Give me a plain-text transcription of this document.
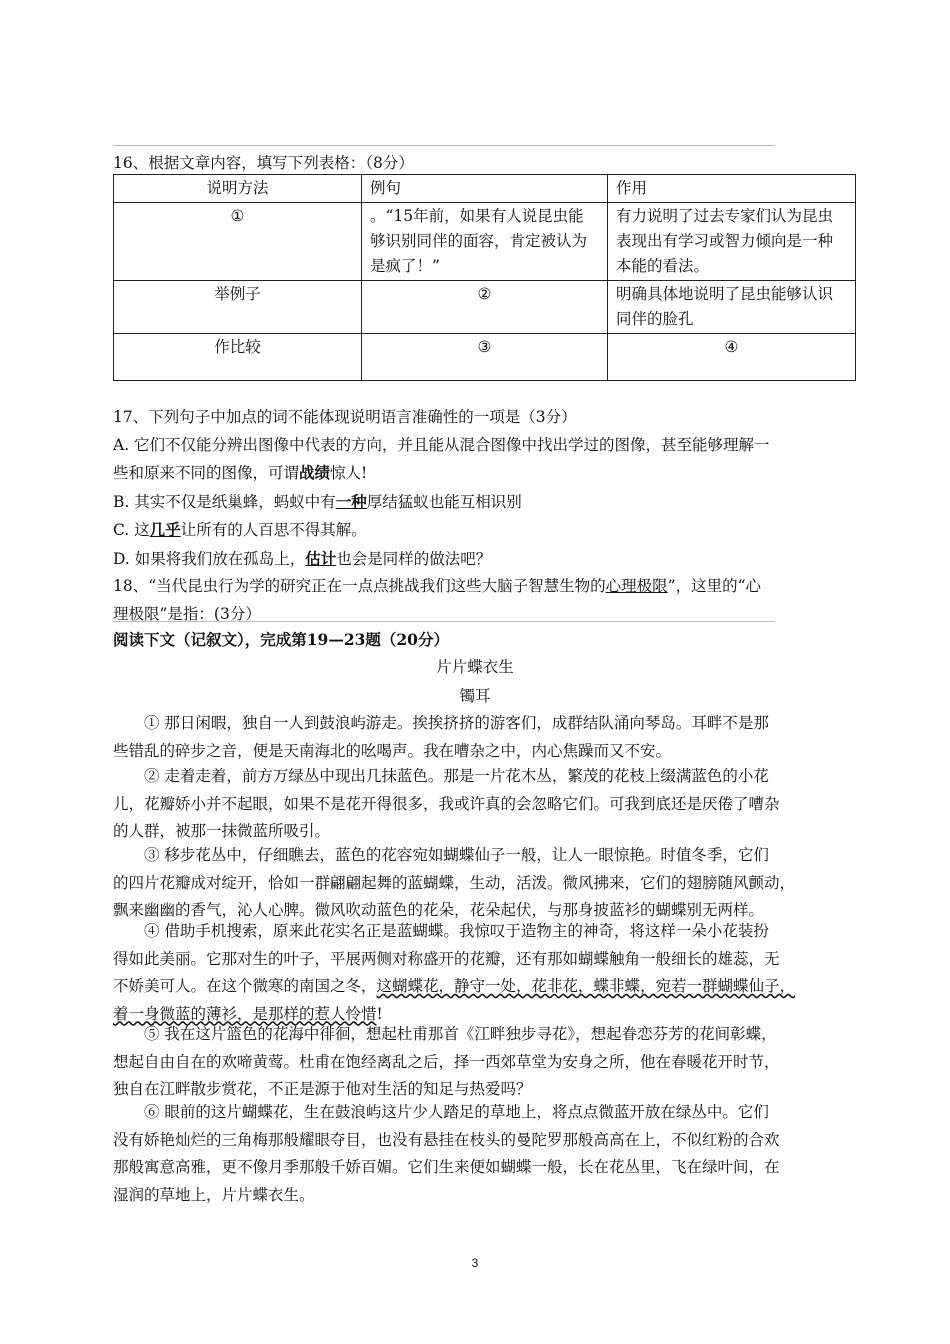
16、根据文章内容，填写下列表格：（8分）
说明方法	例句	作用
①	。“15年前，如果有人说昆虫能够识别同伴的面容，肯定被认为是疯了！”	有力说明了过去专家们认为昆虫表现出有学习或智力倾向是一种本能的看法。
举例子	②	明确具体地说明了昆虫能够认识同伴的脸孔
作比较	③	④
17、下列句子中加点的词不能体现说明语言准确性的一项是（3分）
A. 它们不仅能分辨出图像中代表的方向，并且能从混合图像中找出学过的图像，甚至能够理解一
些和原来不同的图像，可谓战绩惊人!
B. 其实不仅是纸巢蜂，蚂蚁中有一种厚结猛蚁也能互相识别
C. 这几乎让所有的人百思不得其解。
D. 如果将我们放在孤岛上，估计也会是同样的做法吧？
18、“当代昆虫行为学的研究正在一点点挑战我们这些大脑子智慧生物的心理极限”，这里的“心
理极限”是指：(3分）
阅读下文（记叙文），完成第19—23题（20分）
片片蝶衣生
镯耳
① 那日闲暇，独自一人到鼓浪屿游走。挨挨挤挤的游客们，成群结队涌向琴岛。耳畔不是那
些错乱的碎步之音，便是天南海北的吆喝声。我在嘈杂之中，内心焦躁而又不安。
② 走着走着，前方万绿丛中现出几抹蓝色。那是一片花木丛，繁茂的花枝上缀满蓝色的小花
儿，花瓣娇小并不起眼，如果不是花开得很多，我或许真的会忽略它们。可我到底还是厌倦了嘈杂
的人群，被那一抹微蓝所吸引。
③ 移步花丛中，仔细瞧去，蓝色的花容宛如蝴蝶仙子一般，让人一眼惊艳。时值冬季，它们
的四片花瓣成对绽开，恰如一群翩翩起舞的蓝蝴蝶，生动，活泼。微风拂来，它们的翅膀随风颤动，
飘来幽幽的香气，沁人心脾。微风吹动蓝色的花朵，花朵起伏，与那身披蓝衫的蝴蝶别无两样。
④ 借助手机搜索，原来此花实名正是蓝蝴蝶。我惊叹于造物主的神奇，将这样一朵小花装扮
得如此美丽。它那对生的叶子，平展两侧对称盛开的花瓣，还有那如蝴蝶触角一般细长的雄蕊，无
不娇美可人。在这个微寒的南国之冬，这蝴蝶花，静守一处，花非花，蝶非蝶，宛若一群蝴蝶仙子，
着一身微蓝的薄衫，是那样的惹人怜惜!
⑤ 我在这片篮色的花海中徘徊，想起杜甫那首《江畔独步寻花》，想起眷恋芬芳的花间彰蝶，
想起自由自在的欢啼黄莺。杜甫在饱经离乱之后，择一西郊草堂为安身之所，他在春暖花开时节，
独自在江畔散步赏花，不正是源于他对生活的知足与热爱吗？
⑥ 眼前的这片蝴蝶花，生在鼓浪屿这片少人踏足的草地上，将点点微蓝开放在绿丛中。它们
没有娇艳灿烂的三角梅那般耀眼夺目，也没有悬挂在枝头的曼陀罗那般高高在上，不似红粉的合欢
那般寓意高雅，更不像月季那般千娇百媚。它们生来便如蝴蝶一般，长在花丛里，飞在绿叶间，在
湿润的草地上，片片蝶衣生。
3
